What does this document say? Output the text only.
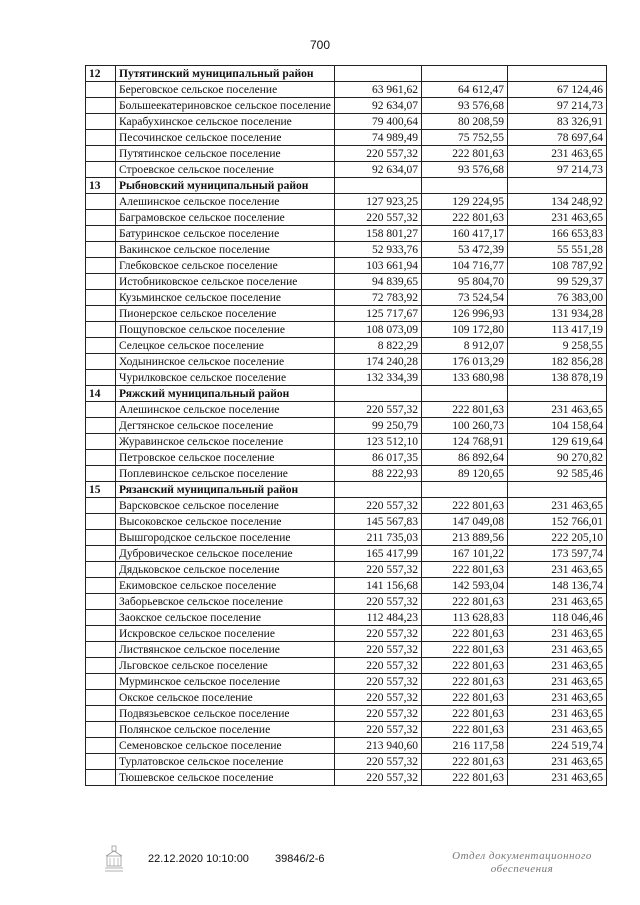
700
12	Путятинский муниципальный район			
	Береговское сельское поселение	63 961,62	64 612,47	67 124,46
	Большеекатериновское сельское поселение	92 634,07	93 576,68	97 214,73
	Карабухинское сельское поселение	79 400,64	80 208,59	83 326,91
	Песочинское сельское поселение	74 989,49	75 752,55	78 697,64
	Путятинское сельское поселение	220 557,32	222 801,63	231 463,65
	Строевское сельское поселение	92 634,07	93 576,68	97 214,73
13	Рыбновский муниципальный район			
	Алешинское сельское поселение	127 923,25	129 224,95	134 248,92
	Баграмовское сельское поселение	220 557,32	222 801,63	231 463,65
	Батуринское сельское поселение	158 801,27	160 417,17	166 653,83
	Вакинское сельское поселение	52 933,76	53 472,39	55 551,28
	Глебковское сельское поселение	103 661,94	104 716,77	108 787,92
	Истобниковское сельское поселение	94 839,65	95 804,70	99 529,37
	Кузьминское сельское поселение	72 783,92	73 524,54	76 383,00
	Пионерское сельское поселение	125 717,67	126 996,93	131 934,28
	Пощуповское сельское поселение	108 073,09	109 172,80	113 417,19
	Селецкое сельское поселение	8 822,29	8 912,07	9 258,55
	Ходынинское сельское поселение	174 240,28	176 013,29	182 856,28
	Чурилковское сельское поселение	132 334,39	133 680,98	138 878,19
14	Ряжский муниципальный район			
	Алешинское сельское поселение	220 557,32	222 801,63	231 463,65
	Дегтянское сельское поселение	99 250,79	100 260,73	104 158,64
	Журавинское сельское поселение	123 512,10	124 768,91	129 619,64
	Петровское сельское поселение	86 017,35	86 892,64	90 270,82
	Поплевинское сельское поселение	88 222,93	89 120,65	92 585,46
15	Рязанский муниципальный район			
	Варсковское сельское поселение	220 557,32	222 801,63	231 463,65
	Высоковское сельское поселение	145 567,83	147 049,08	152 766,01
	Вышгородское сельское поселение	211 735,03	213 889,56	222 205,10
	Дубровическое сельское поселение	165 417,99	167 101,22	173 597,74
	Дядьковское сельское поселение	220 557,32	222 801,63	231 463,65
	Екимовское сельское поселение	141 156,68	142 593,04	148 136,74
	Заборьевское сельское поселение	220 557,32	222 801,63	231 463,65
	Заокское сельское поселение	112 484,23	113 628,83	118 046,46
	Искровское сельское поселение	220 557,32	222 801,63	231 463,65
	Листвянское сельское поселение	220 557,32	222 801,63	231 463,65
	Льговское сельское поселение	220 557,32	222 801,63	231 463,65
	Мурминское сельское поселение	220 557,32	222 801,63	231 463,65
	Окское сельское поселение	220 557,32	222 801,63	231 463,65
	Подвязьевское сельское поселение	220 557,32	222 801,63	231 463,65
	Полянское сельское поселение	220 557,32	222 801,63	231 463,65
	Семеновское сельское поселение	213 940,60	216 117,58	224 519,74
	Турлатовское сельское поселение	220 557,32	222 801,63	231 463,65
	Тюшевское сельское поселение	220 557,32	222 801,63	231 463,65
22.12.2020 10:10:00 39846/2-6	Отдел документационного
обеспечения
